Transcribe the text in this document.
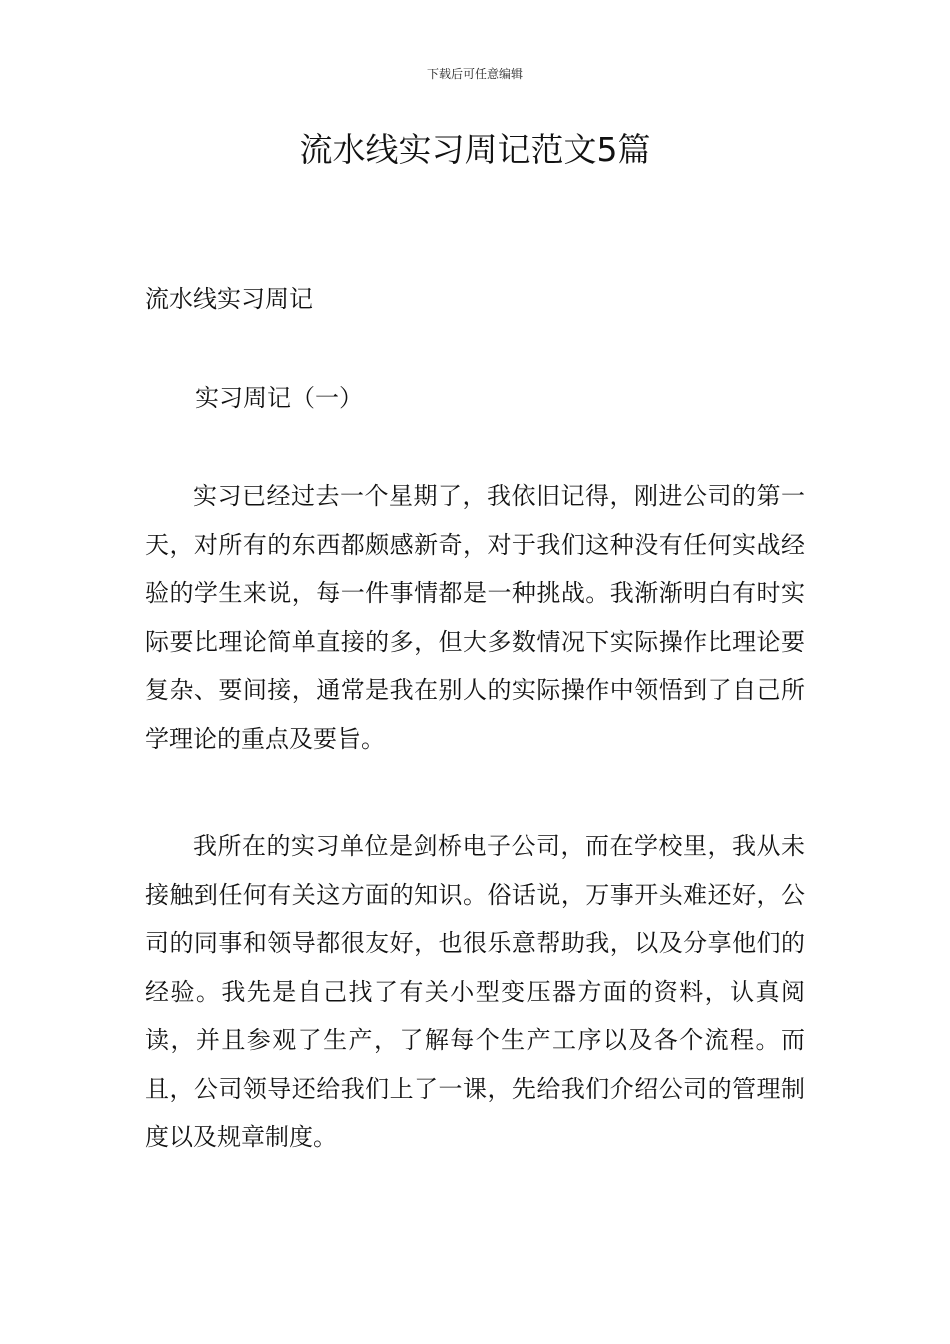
下载后可任意编辑
流水线实习周记范文5篇

流水线实习周记

实习周记（一）

实习已经过去一个星期了，我依旧记得，刚进公司的第一天，对所有的东西都颇感新奇，对于我们这种没有任何实战经验的学生来说，每一件事情都是一种挑战。我渐渐明白有时实际要比理论简单直接的多，但大多数情况下实际操作比理论要复杂、要间接，通常是我在别人的实际操作中领悟到了自己所学理论的重点及要旨。

我所在的实习单位是剑桥电子公司，而在学校里，我从未接触到任何有关这方面的知识。俗话说，万事开头难还好，公司的同事和领导都很友好，也很乐意帮助我，以及分享他们的经验。我先是自己找了有关小型变压器方面的资料，认真阅读，并且参观了生产，了解每个生产工序以及各个流程。而且，公司领导还给我们上了一课，先给我们介绍公司的管理制度以及规章制度。
